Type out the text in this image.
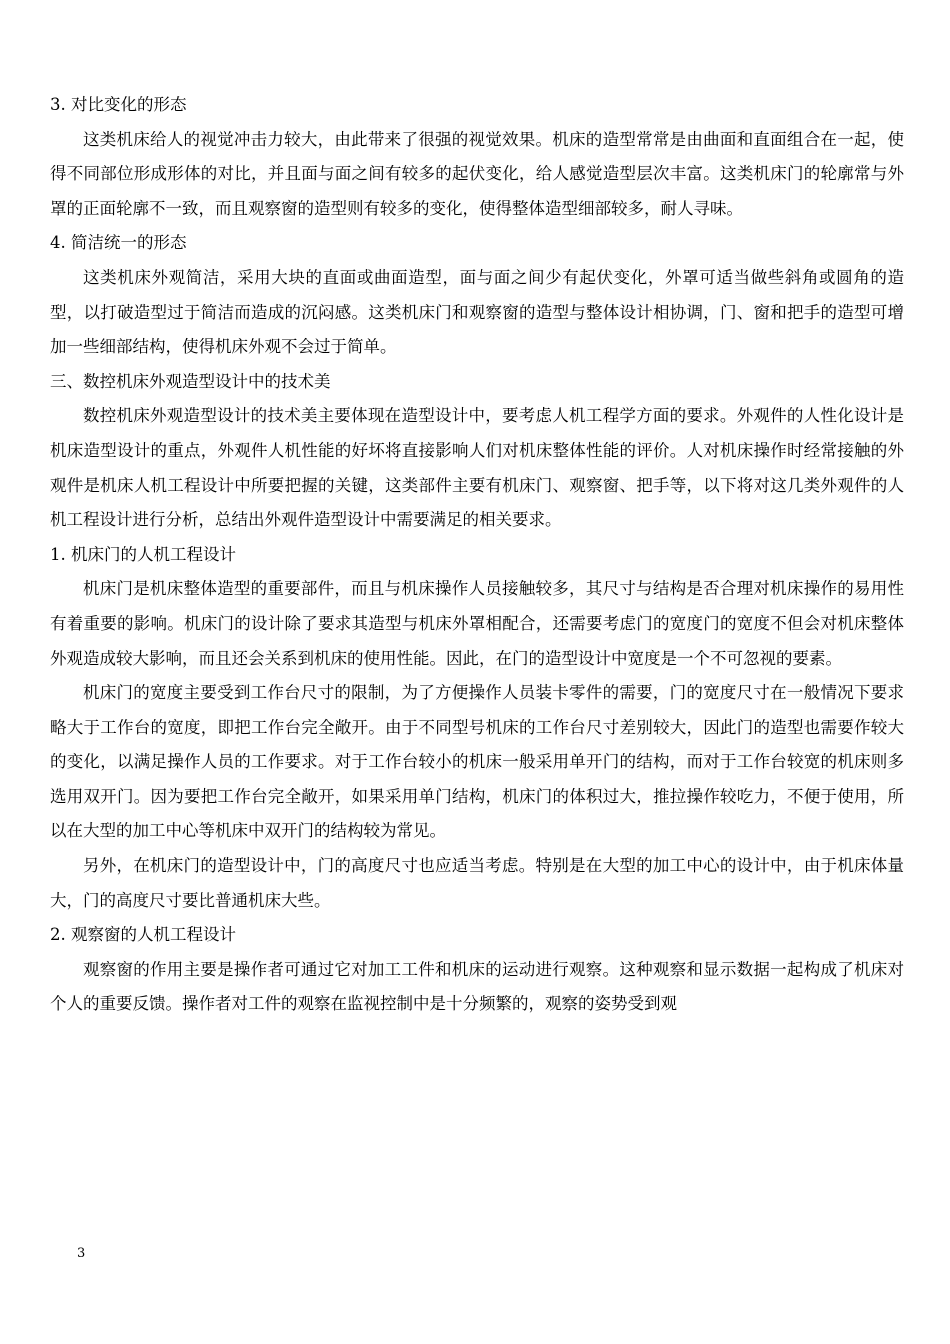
3. 对比变化的形态

这类机床给人的视觉冲击力较大，由此带来了很强的视觉效果。机床的造型常常是由曲面和直面组合在一起，使得不同部位形成形体的对比，并且面与面之间有较多的起伏变化，给人感觉造型层次丰富。这类机床门的轮廓常与外罩的正面轮廓不一致，而且观察窗的造型则有较多的变化，使得整体造型细部较多，耐人寻味。

4. 简洁统一的形态

这类机床外观简洁，采用大块的直面或曲面造型，面与面之间少有起伏变化，外罩可适当做些斜角或圆角的造型，以打破造型过于简洁而造成的沉闷感。这类机床门和观察窗的造型与整体设计相协调，门、窗和把手的造型可增加一些细部结构，使得机床外观不会过于简单。

三、数控机床外观造型设计中的技术美

数控机床外观造型设计的技术美主要体现在造型设计中，要考虑人机工程学方面的要求。外观件的人性化设计是机床造型设计的重点，外观件人机性能的好坏将直接影响人们对机床整体性能的评价。人对机床操作时经常接触的外观件是机床人机工程设计中所要把握的关键，这类部件主要有机床门、观察窗、把手等，以下将对这几类外观件的人机工程设计进行分析，总结出外观件造型设计中需要满足的相关要求。

1. 机床门的人机工程设计

机床门是机床整体造型的重要部件，而且与机床操作人员接触较多，其尺寸与结构是否合理对机床操作的易用性有着重要的影响。机床门的设计除了要求其造型与机床外罩相配合，还需要考虑门的宽度门的宽度不但会对机床整体外观造成较大影响，而且还会关系到机床的使用性能。因此，在门的造型设计中宽度是一个不可忽视的要素。

机床门的宽度主要受到工作台尺寸的限制，为了方便操作人员装卡零件的需要，门的宽度尺寸在一般情况下要求略大于工作台的宽度，即把工作台完全敞开。由于不同型号机床的工作台尺寸差别较大，因此门的造型也需要作较大的变化，以满足操作人员的工作要求。对于工作台较小的机床一般采用单开门的结构，而对于工作台较宽的机床则多选用双开门。因为要把工作台完全敞开，如果采用单门结构，机床门的体积过大，推拉操作较吃力，不便于使用，所以在大型的加工中心等机床中双开门的结构较为常见。

另外，在机床门的造型设计中，门的高度尺寸也应适当考虑。特别是在大型的加工中心的设计中，由于机床体量大，门的高度尺寸要比普通机床大些。

2. 观察窗的人机工程设计

观察窗的作用主要是操作者可通过它对加工工件和机床的运动进行观察。这种观察和显示数据一起构成了机床对个人的重要反馈。操作者对工件的观察在监视控制中是十分频繁的，观察的姿势受到观

3
